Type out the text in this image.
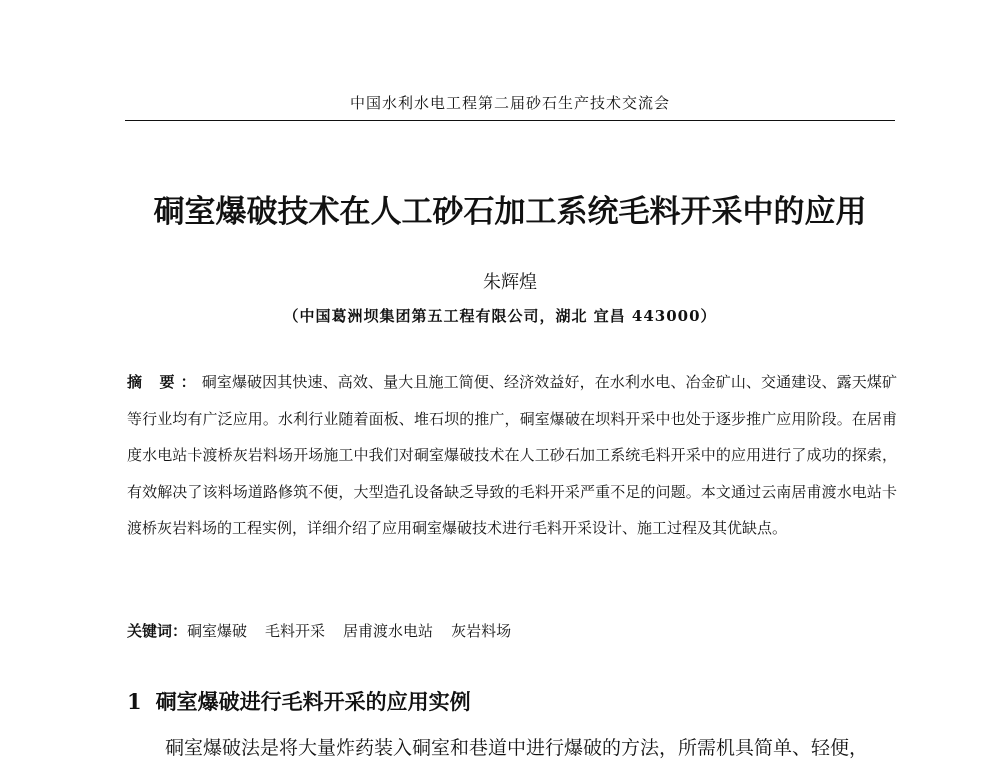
中国水利水电工程第二届砂石生产技术交流会
硐室爆破技术在人工砂石加工系统毛料开采中的应用
朱辉煌
（中国葛洲坝集团第五工程有限公司，湖北 宜昌 443000）
摘 要：硐室爆破因其快速、高效、量大且施工简便、经济效益好，在水利水电、冶金矿山、交通建设、露天煤矿等行业均有广泛应用。水利行业随着面板、堆石坝的推广，硐室爆破在坝料开采中也处于逐步推广应用阶段。在居甫度水电站卡渡桥灰岩料场开场施工中我们对硐室爆破技术在人工砂石加工系统毛料开采中的应用进行了成功的探索，有效解决了该料场道路修筑不便，大型造孔设备缺乏导致的毛料开采严重不足的问题。本文通过云南居甫渡水电站卡渡桥灰岩料场的工程实例，详细介绍了应用硐室爆破技术进行毛料开采设计、施工过程及其优缺点。
关键词：硐室爆破 毛料开采 居甫渡水电站 灰岩料场
1 硐室爆破进行毛料开采的应用实例
硐室爆破法是将大量炸药装入硐室和巷道中进行爆破的方法，所需机具简单、轻便，
